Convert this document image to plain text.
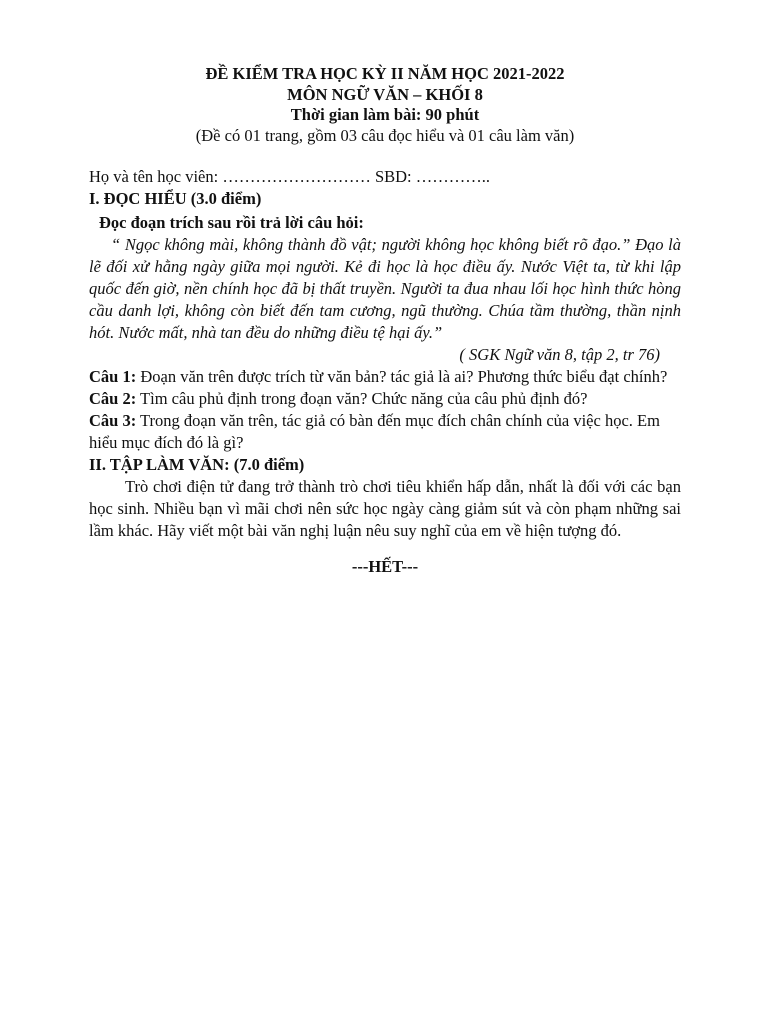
ĐỀ KIỂM TRA HỌC KỲ II NĂM HỌC 2021-2022

MÔN NGỮ VĂN – KHỐI 8

Thời gian làm bài: 90 phút

(Đề có 01 trang, gồm 03 câu đọc hiểu và 01 câu làm văn)

Họ và tên học viên: ……………………… SBD: …………..

I. ĐỌC HIỂU (3.0 điểm)

Đọc đoạn trích sau rồi trả lời câu hỏi:

“ Ngọc không mài, không thành đồ vật; người không học không biết rõ đạo.” Đạo là lẽ đối xử hằng ngày giữa mọi người. Kẻ đi học là học điều ấy. Nước Việt ta, từ khi lập quốc đến giờ, nền chính học đã bị thất truyền. Người ta đua nhau lối học hình thức hòng cầu danh lợi, không còn biết đến tam cương, ngũ thường. Chúa tầm thường, thần nịnh hót. Nước mất, nhà tan đều do những điều tệ hại ấy.”

( SGK Ngữ văn 8, tập 2, tr 76)

Câu 1: Đoạn văn trên được trích từ văn bản? tác giả là ai? Phương thức biểu đạt chính?

Câu 2: Tìm câu phủ định trong đoạn văn? Chức năng của câu phủ định đó?

Câu 3: Trong đoạn văn trên, tác giả có bàn đến mục đích chân chính của việc học. Em hiểu mục đích đó là gì?

II. TẬP LÀM VĂN: (7.0 điểm)

Trò chơi điện tử đang trở thành trò chơi tiêu khiển hấp dẫn, nhất là đối với các bạn học sinh. Nhiều bạn vì mãi chơi nên sức học ngày càng giảm sút và còn phạm những sai lầm khác. Hãy viết một bài văn nghị luận nêu suy nghĩ của em về hiện tượng đó.

---HẾT---
